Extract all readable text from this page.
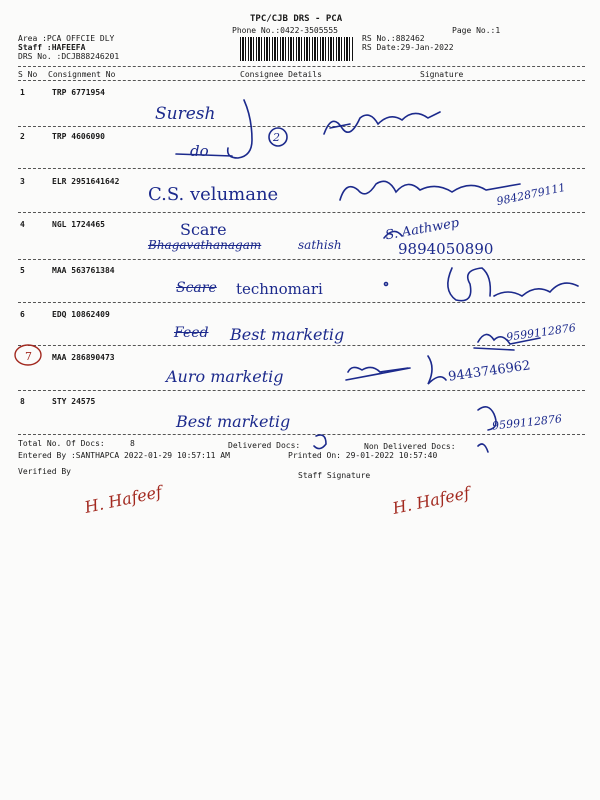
TPC/CJB DRS - PCA
Phone No.:0422-3505555	Page No.:1
Area :PCA OFFCIE DLY
Staff :HAFEEFA
DRS No. :DCJB88246201
RS No.:882462
RS Date:29-Jan-2022
S No Consignment No	Consignee Details	Signature
1	TRP 6771954
Suresh
2	TRP 4606090
do
2
3	ELR 2951641642
C.S. velumane	9842879111
4	NGL 1724465	Scare
Bhagavathanagam	sathish
S. Aathwep
9894050890
5	MAA 563761384
Scare technomari
6	EDQ 10862409
Feed Best marketig	9599112876
7	MAA 286890473
Auro marketig	9443746962
8	STY 24575
Best marketig	9599112876
Total No. Of Docs:	8	Delivered Docs:	Non Delivered Docs:
Entered By :SANTHAPCA 2022-01-29 10:57:11 AM	Printed On: 29-01-2022 10:57:40
Verified By	Staff Signature
H. Hafeef	H. Hafeef
